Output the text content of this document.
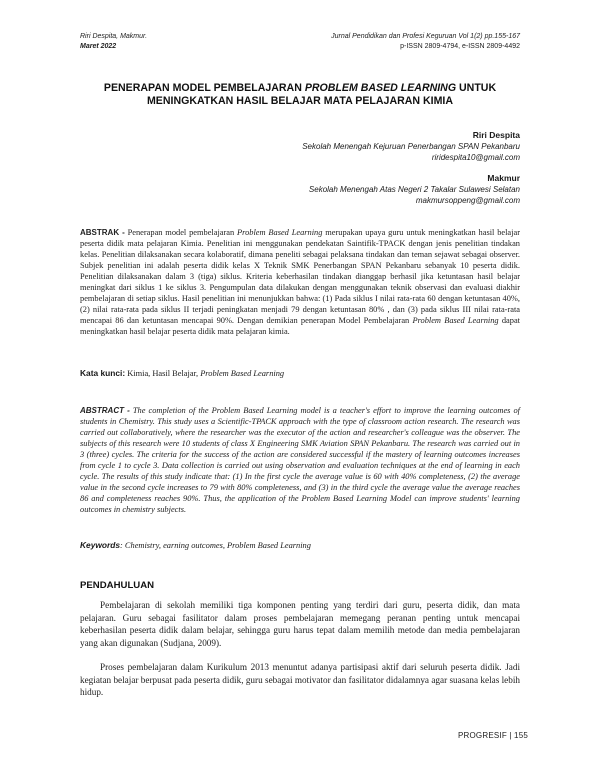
Riri Despita, Makmur.
Maret 2022
Jurnal Pendidikan dan Profesi Keguruan Vol 1(2) pp.155-167
p-ISSN 2809-4794, e-ISSN 2809-4492
PENERAPAN MODEL PEMBELAJARAN PROBLEM BASED LEARNING UNTUK
MENINGKATKAN HASIL BELAJAR MATA PELAJARAN KIMIA
Riri Despita
Sekolah Menengah Kejuruan Penerbangan SPAN Pekanbaru
riridespita10@gmail.com
Makmur
Sekolah Menengah Atas Negeri 2 Takalar Sulawesi Selatan
makmursoppeng@gmail.com
ABSTRAK - Penerapan model pembelajaran Problem Based Learning merupakan upaya guru untuk meningkatkan hasil belajar peserta didik mata pelajaran Kimia. Penelitian ini menggunakan pendekatan Saintifik-TPACK dengan jenis penelitian tindakan kelas. Penelitian dilaksanakan secara kolaboratif, dimana peneliti sebagai pelaksana tindakan dan teman sejawat sebagai observer. Subjek penelitian ini adalah peserta didik kelas X Teknik SMK Penerbangan SPAN Pekanbaru sebanyak 10 peserta didik. Penelitian dilaksanakan dalam 3 (tiga) siklus. Kriteria keberhasilan tindakan dianggap berhasil jika ketuntasan hasil belajar meningkat dari siklus 1 ke siklus 3. Pengumpulan data dilakukan dengan menggunakan teknik observasi dan evaluasi diakhir pembelajaran di setiap siklus. Hasil penelitian ini menunjukkan bahwa: (1) Pada siklus I nilai rata-rata 60 dengan ketuntasan 40%, (2) nilai rata-rata pada siklus II terjadi peningkatan menjadi 79 dengan ketuntasan 80% , dan (3) pada siklus III nilai rata-rata mencapai 86 dan ketuntasan mencapai 90%. Dengan demikian penerapan Model Pembelajaran Problem Based Learning dapat meningkatkan hasil belajar peserta didik mata pelajaran kimia.
Kata kunci: Kimia, Hasil Belajar, Problem Based Learning
ABSTRACT - The completion of the Problem Based Learning model is a teacher's effort to improve the learning outcomes of students in Chemistry. This study uses a Scientific-TPACK approach with the type of classroom action research. The research was carried out collaboratively, where the researcher was the executor of the action and researcher's colleague was the observer. The subjects of this research were 10 students of class X Engineering SMK Aviation SPAN Pekanbaru. The research was carried out in 3 (three) cycles. The criteria for the success of the action are considered successful if the mastery of learning outcomes increases from cycle 1 to cycle 3. Data collection is carried out using observation and evaluation techniques at the end of learning in each cycle. The results of this study indicate that: (1) In the first cycle the average value is 60 with 40% completeness, (2) the average value in the second cycle increases to 79 with 80% completeness, and (3) in the third cycle the average value the average reaches 86 and completeness reaches 90%. Thus, the application of the Problem Based Learning Model can improve students' learning outcomes in chemistry subjects.
Keywords: Chemistry, earning outcomes, Problem Based Learning
PENDAHULUAN
Pembelajaran di sekolah memiliki tiga komponen penting yang terdiri dari guru, peserta didik, dan mata pelajaran. Guru sebagai fasilitator dalam proses pembelajaran memegang peranan penting untuk mencapai keberhasilan peserta didik dalam belajar, sehingga guru harus tepat dalam memilih metode dan media pembelajaran yang akan digunakan (Sudjana, 2009).
Proses pembelajaran dalam Kurikulum 2013 menuntut adanya partisipasi aktif dari seluruh peserta didik. Jadi kegiatan belajar berpusat pada peserta didik, guru sebagai motivator dan fasilitator didalamnya agar suasana kelas lebih hidup.
PROGRESIF | 155
